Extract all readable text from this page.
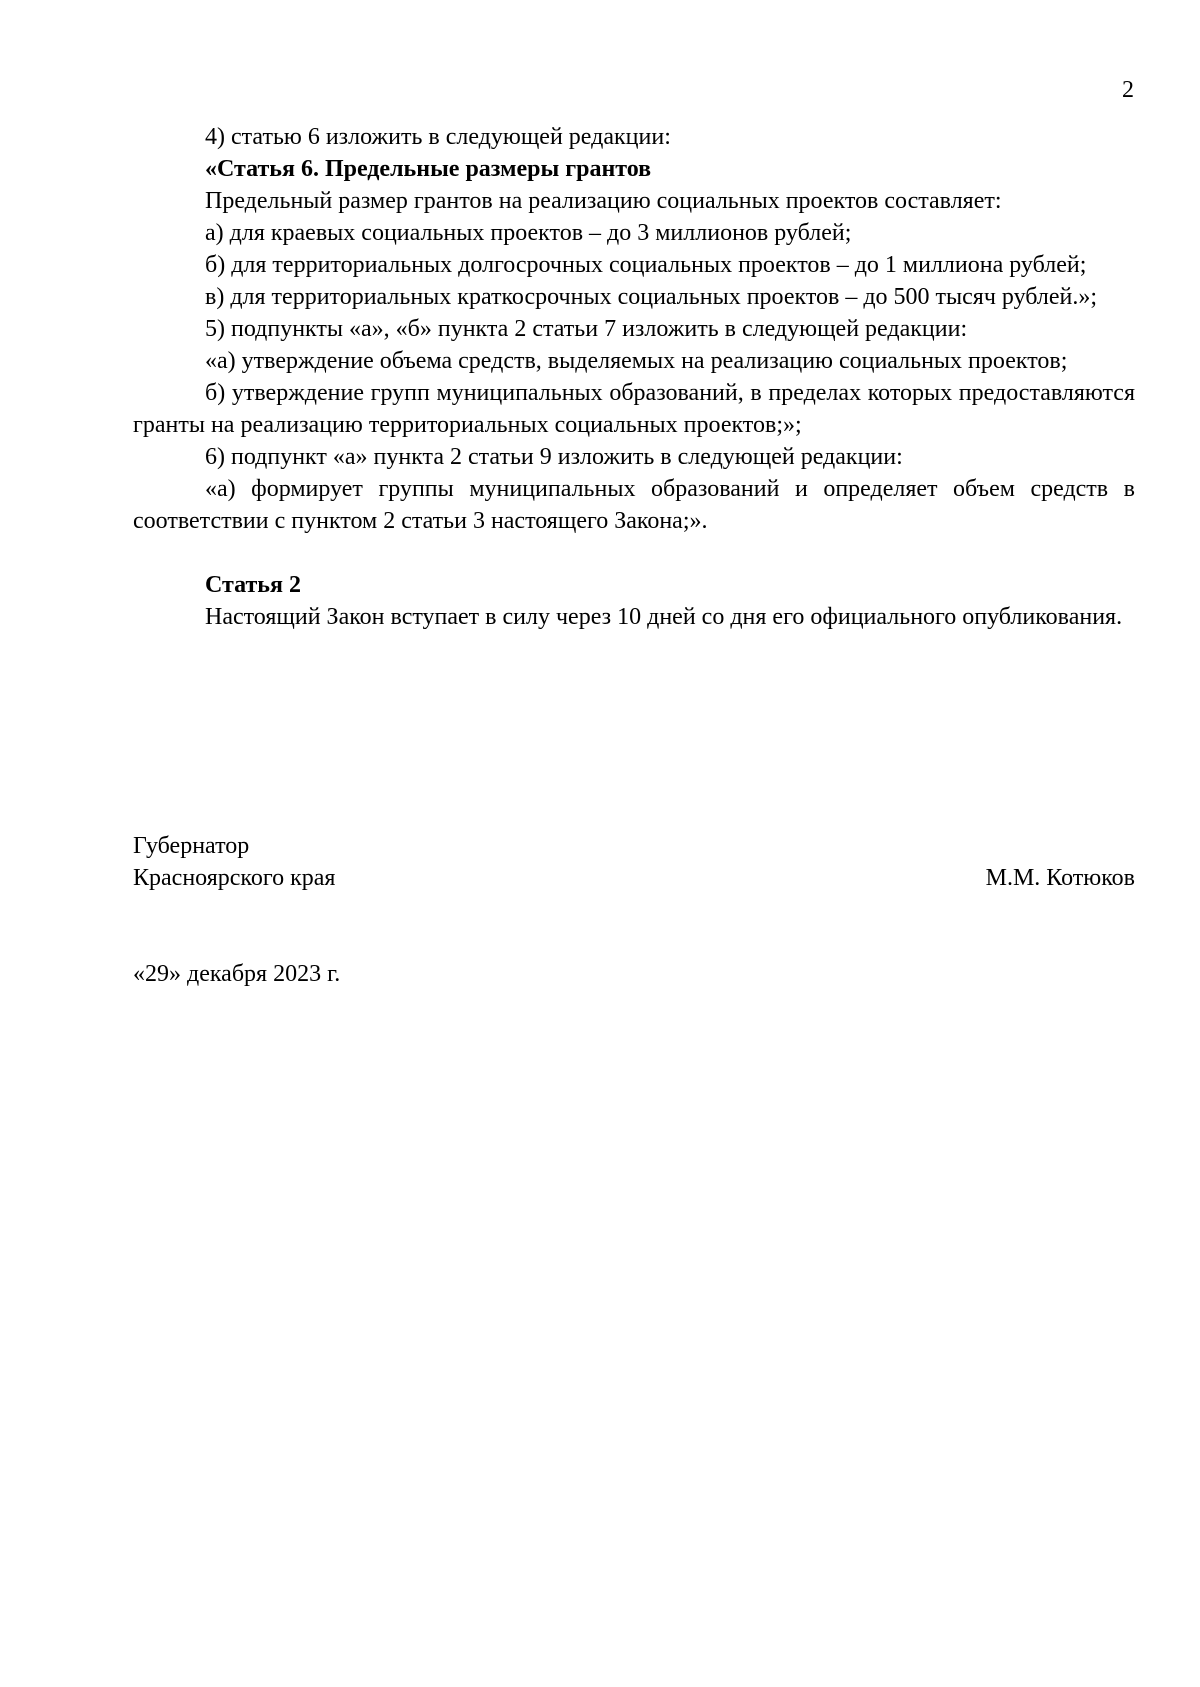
2

4) статью 6 изложить в следующей редакции:

«Статья 6. Предельные размеры грантов

Предельный размер грантов на реализацию социальных проектов составляет:

а) для краевых социальных проектов – до 3 миллионов рублей;

б) для территориальных долгосрочных социальных проектов – до 1 миллиона рублей;

в) для территориальных краткосрочных социальных проектов – до 500 тысяч рублей.»;

5) подпункты «а», «б» пункта 2 статьи 7 изложить в следующей редакции:

«а) утверждение объема средств, выделяемых на реализацию социальных проектов;

б) утверждение групп муниципальных образований, в пределах которых предоставляются гранты на реализацию территориальных социальных проектов;»;

6) подпункт «а» пункта 2 статьи 9 изложить в следующей редакции:

«а) формирует группы муниципальных образований и определяет объем средств в соответствии с пунктом 2 статьи 3 настоящего Закона;».

Статья 2

Настоящий Закон вступает в силу через 10 дней со дня его официального опубликования.

Губернатор

Красноярского края	М.М. Котюков

«29» декабря 2023 г.
